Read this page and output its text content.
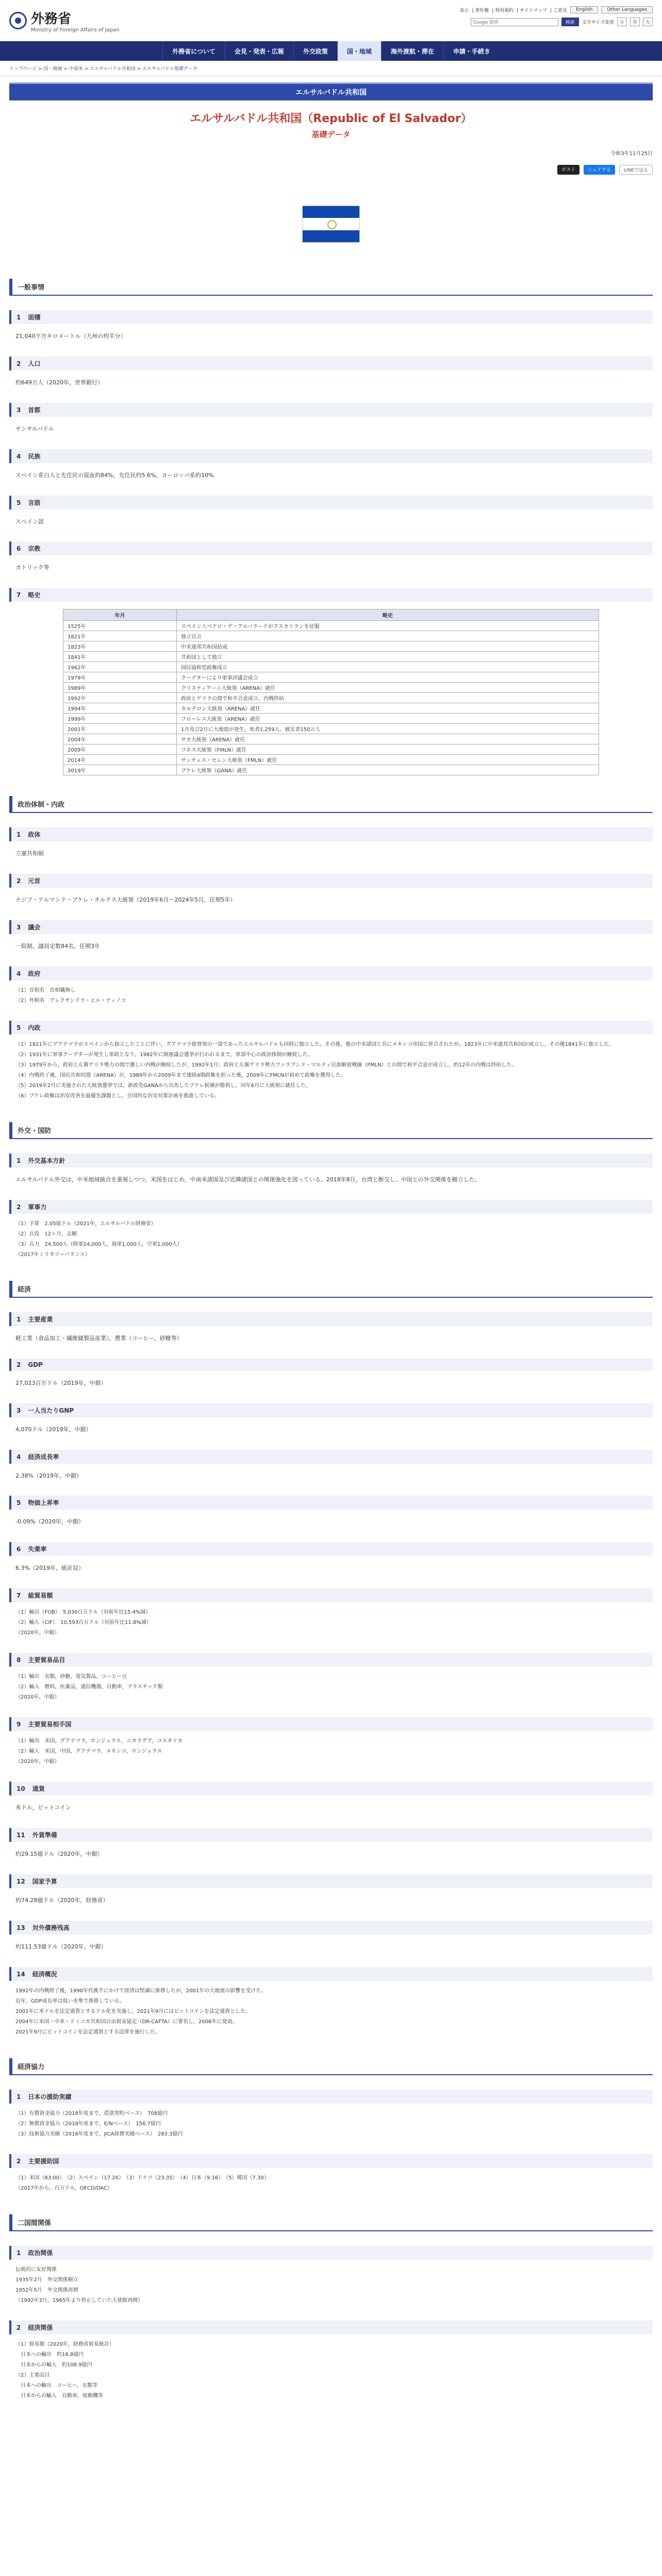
外務省
Ministry of Foreign Affairs of Japan
表示 | 著作権 | 利用規約 | サイトマップ | ご意見	English	Other Languages
Google 提供
検索	文字サイズ変更	小	中	大
外務省について	会見・発表・広報	外交政策	国・地域	海外渡航・滞在	申請・手続き
トップページ > 国・地域 > 中南米 > エルサルバドル共和国 > エルサルバドル基礎データ
エルサルバドル共和国
エルサルバドル共和国（Republic of El Salvador）
基礎データ
令和3年11月25日
ポスト	シェアする	LINEで送る
一般事情
1 面積
21,040平方キロメートル（九州の約半分）
2 人口
約649万人（2020年，世界銀行）
3 首都
サンサルバドル
4 民族
スペイン系白人と先住民の混血約84%，先住民約5.6%，ヨーロッパ系約10%
5 言語
スペイン語
6 宗教
カトリック等
7 略史
年月	略史
1525年	スペイン人ペドロ・デ・アルバラードがクスカトランを征服
1821年	独立宣言
1823年	中米連邦共和国結成
1841年	共和国として独立
1962年	国民協和党政権成立
1979年	クーデターにより軍事評議会成立
1989年	クリスティアーニ大統領（ARENA）就任
1992年	政府とゲリラの間で和平合意成立，内戦終結
1994年	カルデロン大統領（ARENA）就任
1999年	フローレス大統領（ARENA）就任
2001年	1月及び2月に大地震が発生，死者1,259人，被災者150万人
2004年	サカ大統領（ARENA）就任
2009年	フネス大統領（FMLN）就任
2014年	サンチェス・セレン大統領（FMLN）就任
2019年	ブケレ大統領（GANA）就任
政治体制・内政
1 政体
立憲共和制
2 元首
ナジブ・アルマンド・ブケレ・オルテス大統領（2019年6月〜2024年5月，任期5年）
3 議会
一院制，議員定数84名，任期3年
4 政府
（1）首相名　首相職無し
（2）外相名　アレクサンドラ・ヒル・ティノコ
5 内政
（1）1821年にグアテマラがスペインから独立したことに伴い，グアテマラ総督領の一部であったエルサルバドルも同時に独立した。その後，他の中米諸国と共にメキシコ帝国に併合されたが，1823年に中米連邦共和国が成立し，その後1841年に独立した。
（2）1931年に軍事クーデターが発生し軍政となり，1982年に制憲議会選挙が行われるまで，軍部中心の政治体制が継続した。
（3）1979年から，政府と左翼ゲリラ勢力の間で激しい内戦が継続したが，1992年1月，政府と左翼ゲリラ勢力ファラブンド・マルティ民族解放戦線（FMLN）との間で和平合意が成立し，約12年の内戦は終結した。
（4）内戦終了後，国民共和同盟（ARENA）が，1989年から2009年まで連続4期政権を担った後，2009年にFMLNが初めて政権を獲得した。
（5）2019年2月に実施された大統領選挙では，新政党GANAから出馬したブケレ候補が勝利し，同年6月に大統領に就任した。
（6）ブケレ政権は治安改善を最優先課題とし，全国的な治安対策計画を推進している。
外交・国防
1 外交基本方針
エルサルバドル外交は，中米地域統合を重視しつつ，米国をはじめ，中南米諸国及び近隣諸国との関係強化を図っている。2018年8月，台湾と断交し，中国との外交関係を樹立した。
2 軍事力
（1）予算　2.05億ドル（2021年，エルサルバドル財務省）
（2）兵役　12ヶ月，志願
（3）兵力　24,500人（陸軍24,000人，海軍1,000人，空軍1,000人）
（2017年ミリタリーバランス）
経済
1 主要産業
軽工業（食品加工・繊維縫製品産業），農業（コーヒー，砂糖等）
2 GDP
27,023百万ドル（2019年，中銀）
3 一人当たりGNP
4,070ドル（2019年，中銀）
4 経済成長率
2.38%（2019年，中銀）
5 物価上昇率
-0.09%（2020年，中銀）
6 失業率
6.3%（2019年，統計局）
7 総貿易額
（1）輸出（FOB）　5,030百万ドル（対前年比15.4%減）
（2）輸入（CIF）　10,593百万ドル（対前年比11.8%減）
（2020年，中銀）
8 主要貿易品目
（1）輸出　衣類，砂糖，電気製品，コーヒー豆
（2）輸入　燃料，医薬品，通信機器，自動車，プラスチック類
（2020年，中銀）
9 主要貿易相手国
（1）輸出　米国，グアテマラ，ホンジュラス，ニカラグア，コスタリカ
（2）輸入　米国，中国，グアテマラ，メキシコ，ホンジュラス
（2020年，中銀）
10 通貨
米ドル，ビットコイン
11 外貨準備
約29.15億ドル（2020年，中銀）
12 国家予算
約74.28億ドル（2020年，財務省）
13 対外債務残高
約111.53億ドル（2020年，中銀）
14 経済概況
1992年の内戦終了後，1990年代後半にかけて経済は堅調に推移したが，2001年の大地震の影響を受けた。
近年，GDP成長率は低い水準で推移している。
2001年に米ドルを法定通貨とするドル化を実施し，2021年9月にはビットコインを法定通貨とした。
2004年に米国・中米・ドミニカ共和国自由貿易協定（DR-CAFTA）に署名し，2006年に発効。
2021年9月にビットコインを法定通貨とする法律を施行した。
経済協力
1 日本の援助実績
（1）有償資金協力（2018年度まで，借款契約ベース）　708億円
（2）無償資金協力（2018年度まで，E/Nベース）　156.7億円
（3）技術協力実績（2018年度まで，JICA経費実績ベース）　283.3億円
2 主要援助国
（1）米国（83.00）　（2）スペイン（17.26）　（3）ドイツ（23.35）　（4）日本（9.16）　（5）韓国（7.30）
（2017年から，百万ドル，OECD/DAC）
二国間関係
1 政治関係
伝統的に友好関係
1935年2月　外交関係樹立
1952年5月　外交関係再開
（1992年3月，1965年より停止していた大使館再開）
2 経済関係
（1）貿易額（2020年，財務省貿易統計）
　日本への輸出　約16.8億円
　日本からの輸入　約108.9億円
（2）主要品目
　日本への輸出　コーヒー，衣類等
　日本からの輸入　自動車，原動機等
